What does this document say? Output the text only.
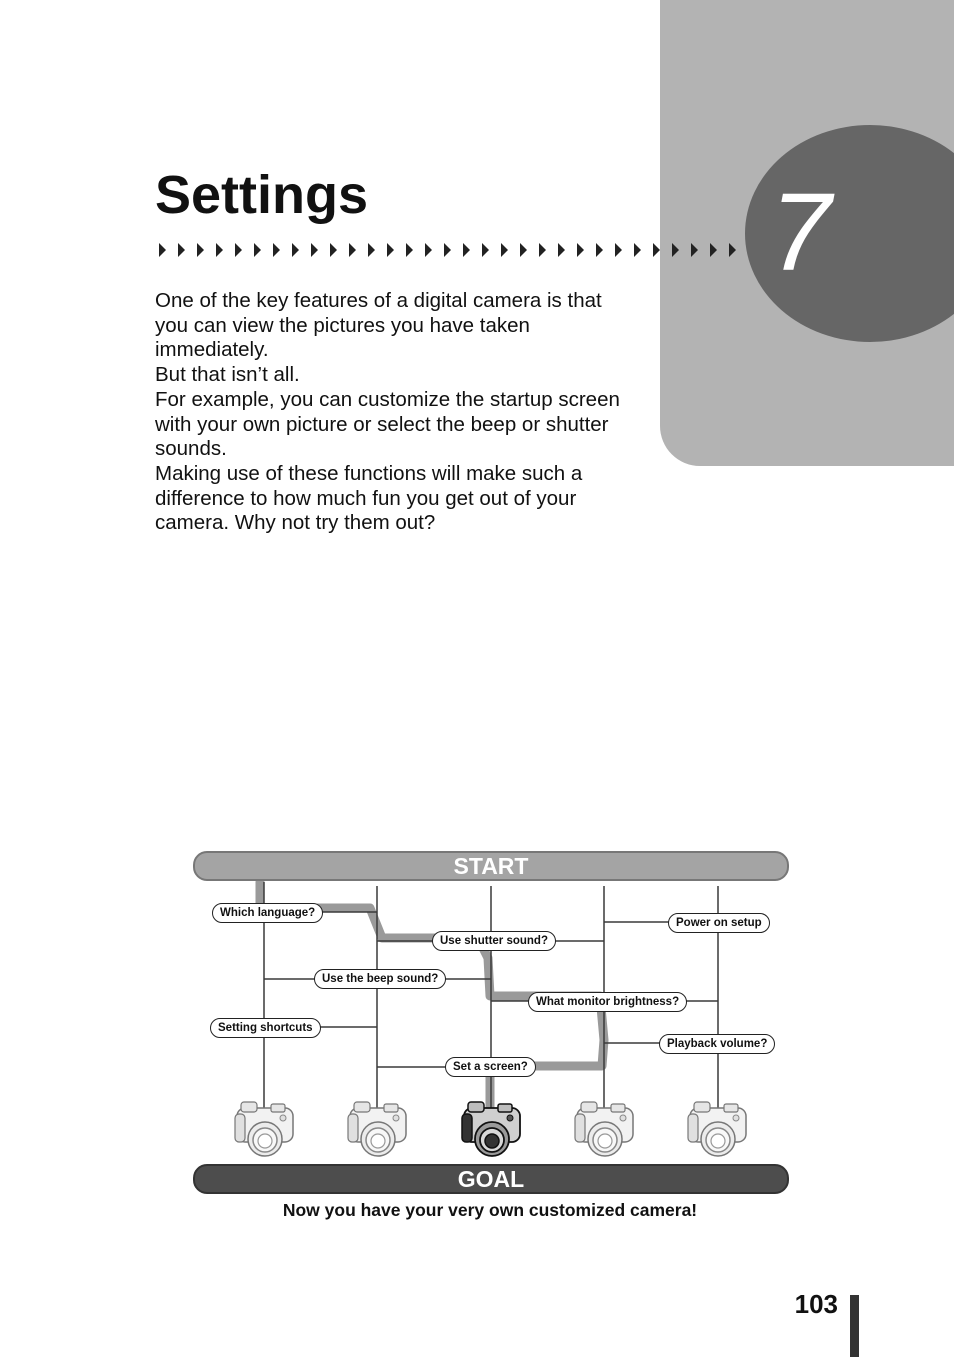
7
Settings

One of the key features of a digital camera is that you can view the pictures you have taken immediately.

But that isn’t all.

For example, you can customize the startup screen with your own picture or select the beep or shutter sounds.

Making use of these functions will make such a difference to how much fun you get out of your camera. Why not try them out?

START
Which language?
Use shutter sound?
Power on setup
Use the beep sound?
What monitor brightness?
Setting shortcuts
Playback volume?
Set a screen?
GOAL
Now you have your very own customized camera!
103
